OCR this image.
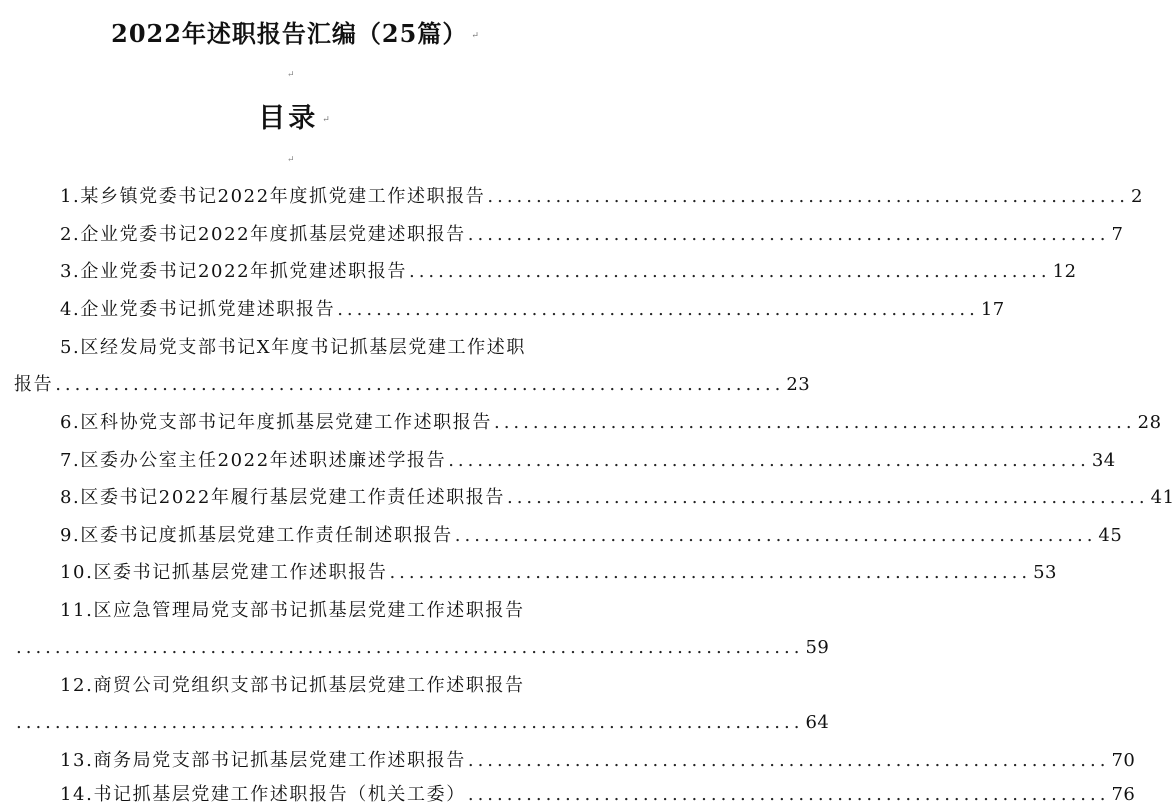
2022年述职报告汇编（25篇） ↵
↵
目录 ↵
↵
1.某乡镇党委书记2022年度抓党建工作述职报告 .................................................................. 2
2.企业党委书记2022年度抓基层党建述职报告 .................................................................. 7
3.企业党委书记2022年抓党建述职报告 .................................................................. 12
4.企业党委书记抓党建述职报告 .................................................................. 17
5.区经发局党支部书记X年度书记抓基层党建工作述职
报告 ........................................................................... 23
6.区科协党支部书记年度抓基层党建工作述职报告 .................................................................. 28
7.区委办公室主任2022年述职述廉述学报告 .................................................................. 34
8.区委书记2022年履行基层党建工作责任述职报告 .................................................................. 41
9.区委书记度抓基层党建工作责任制述职报告 .................................................................. 45
10.区委书记抓基层党建工作述职报告 .................................................................. 53
11.区应急管理局党支部书记抓基层党建工作述职报告
................................................................................. 59
12.商贸公司党组织支部书记抓基层党建工作述职报告
................................................................................. 64
13.商务局党支部书记抓基层党建工作述职报告 .................................................................. 70
14.书记抓基层党建工作述职报告（机关工委） .................................................................. 76
